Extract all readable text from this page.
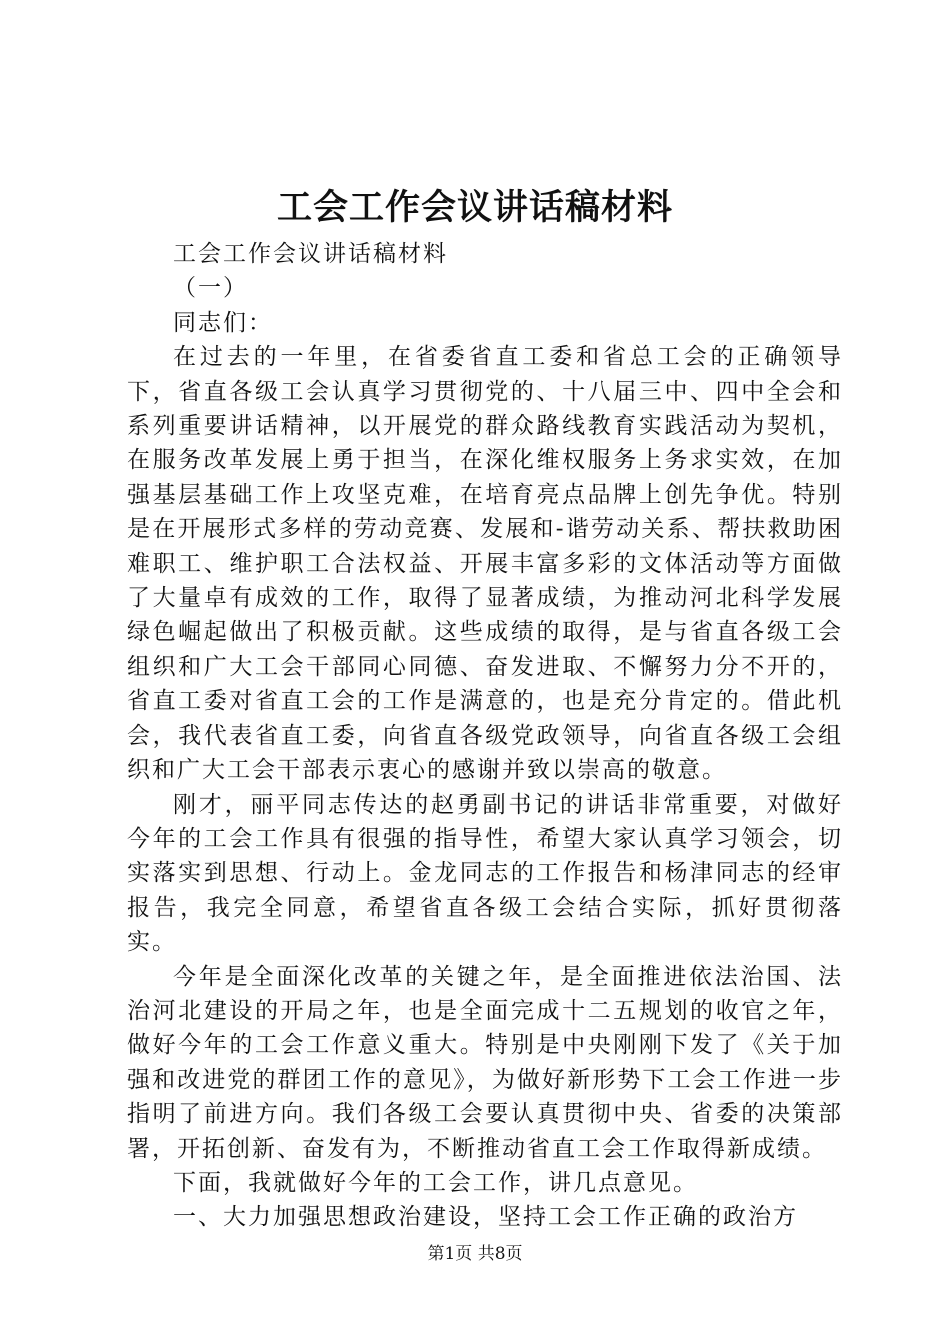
工会工作会议讲话稿材料

工会工作会议讲话稿材料

（一）

同志们：

在过去的一年里，在省委省直工委和省总工会的正确领导下，省直各级工会认真学习贯彻党的、十八届三中、四中全会和系列重要讲话精神，以开展党的群众路线教育实践活动为契机，在服务改革发展上勇于担当，在深化维权服务上务求实效，在加强基层基础工作上攻坚克难，在培育亮点品牌上创先争优。特别是在开展形式多样的劳动竞赛、发展和-谐劳动关系、帮扶救助困难职工、维护职工合法权益、开展丰富多彩的文体活动等方面做了大量卓有成效的工作，取得了显著成绩，为推动河北科学发展绿色崛起做出了积极贡献。这些成绩的取得，是与省直各级工会组织和广大工会干部同心同德、奋发进取、不懈努力分不开的，省直工委对省直工会的工作是满意的，也是充分肯定的。借此机会，我代表省直工委，向省直各级党政领导，向省直各级工会组织和广大工会干部表示衷心的感谢并致以崇高的敬意。

刚才，丽平同志传达的赵勇副书记的讲话非常重要，对做好今年的工会工作具有很强的指导性，希望大家认真学习领会，切实落实到思想、行动上。金龙同志的工作报告和杨津同志的经审报告，我完全同意，希望省直各级工会结合实际，抓好贯彻落实。

今年是全面深化改革的关键之年，是全面推进依法治国、法治河北建设的开局之年，也是全面完成十二五规划的收官之年，做好今年的工会工作意义重大。特别是中央刚刚下发了《关于加强和改进党的群团工作的意见》，为做好新形势下工会工作进一步指明了前进方向。我们各级工会要认真贯彻中央、省委的决策部署，开拓创新、奋发有为，不断推动省直工会工作取得新成绩。

下面，我就做好今年的工会工作，讲几点意见。

一、大力加强思想政治建设，坚持工会工作正确的政治方

第1页 共8页
